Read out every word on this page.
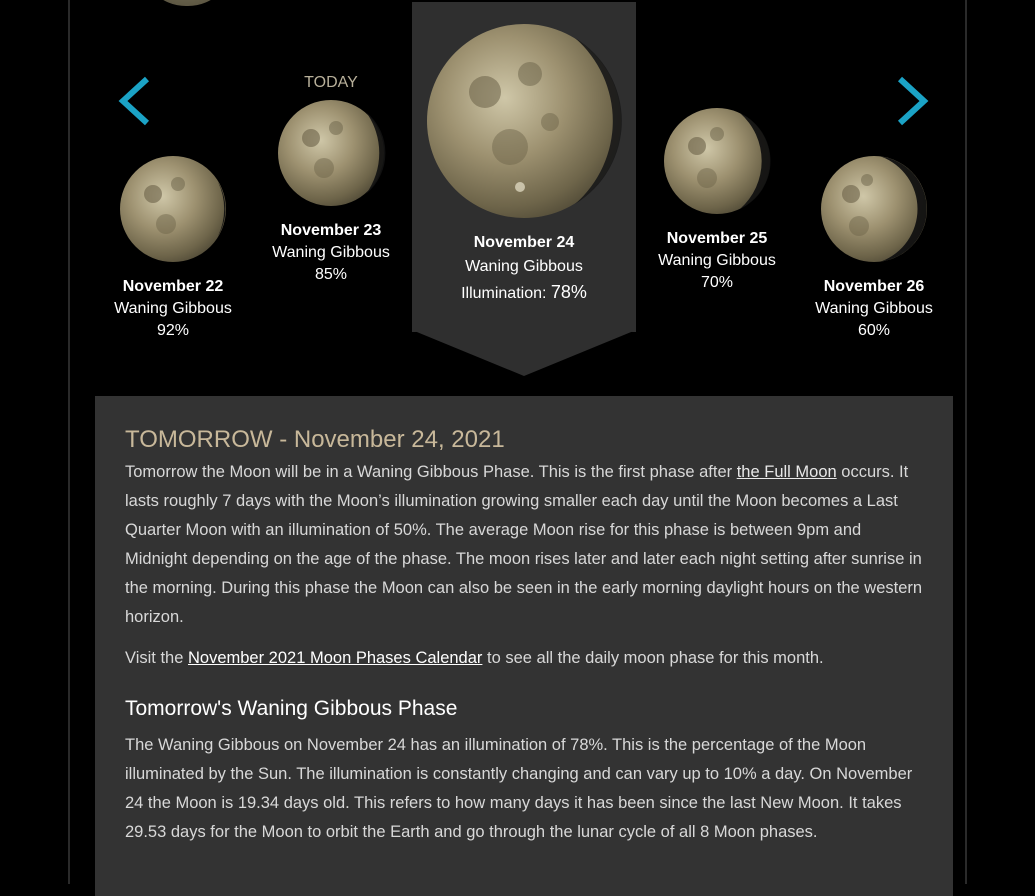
November 22
Waning Gibbous
92%
TODAY
November 23
Waning Gibbous
85%
November 24
Waning Gibbous
Illumination: 78%
November 25
Waning Gibbous
70%	November 26
Waning Gibbous
60%
TOMORROW - November 24, 2021

Tomorrow the Moon will be in a Waning Gibbous Phase. This is the first phase after the Full Moon occurs. It lasts roughly 7 days with the Moon’s illumination growing smaller each day until the Moon becomes a Last Quarter Moon with an illumination of 50%. The average Moon rise for this phase is between 9pm and Midnight depending on the age of the phase. The moon rises later and later each night setting after sunrise in the morning. During this phase the Moon can also be seen in the early morning daylight hours on the western horizon.

Visit the November 2021 Moon Phases Calendar to see all the daily moon phase for this month.

Tomorrow's Waning Gibbous Phase

The Waning Gibbous on November 24 has an illumination of 78%. This is the percentage of the Moon illuminated by the Sun. The illumination is constantly changing and can vary up to 10% a day. On November 24 the Moon is 19.34 days old. This refers to how many days it has been since the last New Moon. It takes 29.53 days for the Moon to orbit the Earth and go through the lunar cycle of all 8 Moon phases.
